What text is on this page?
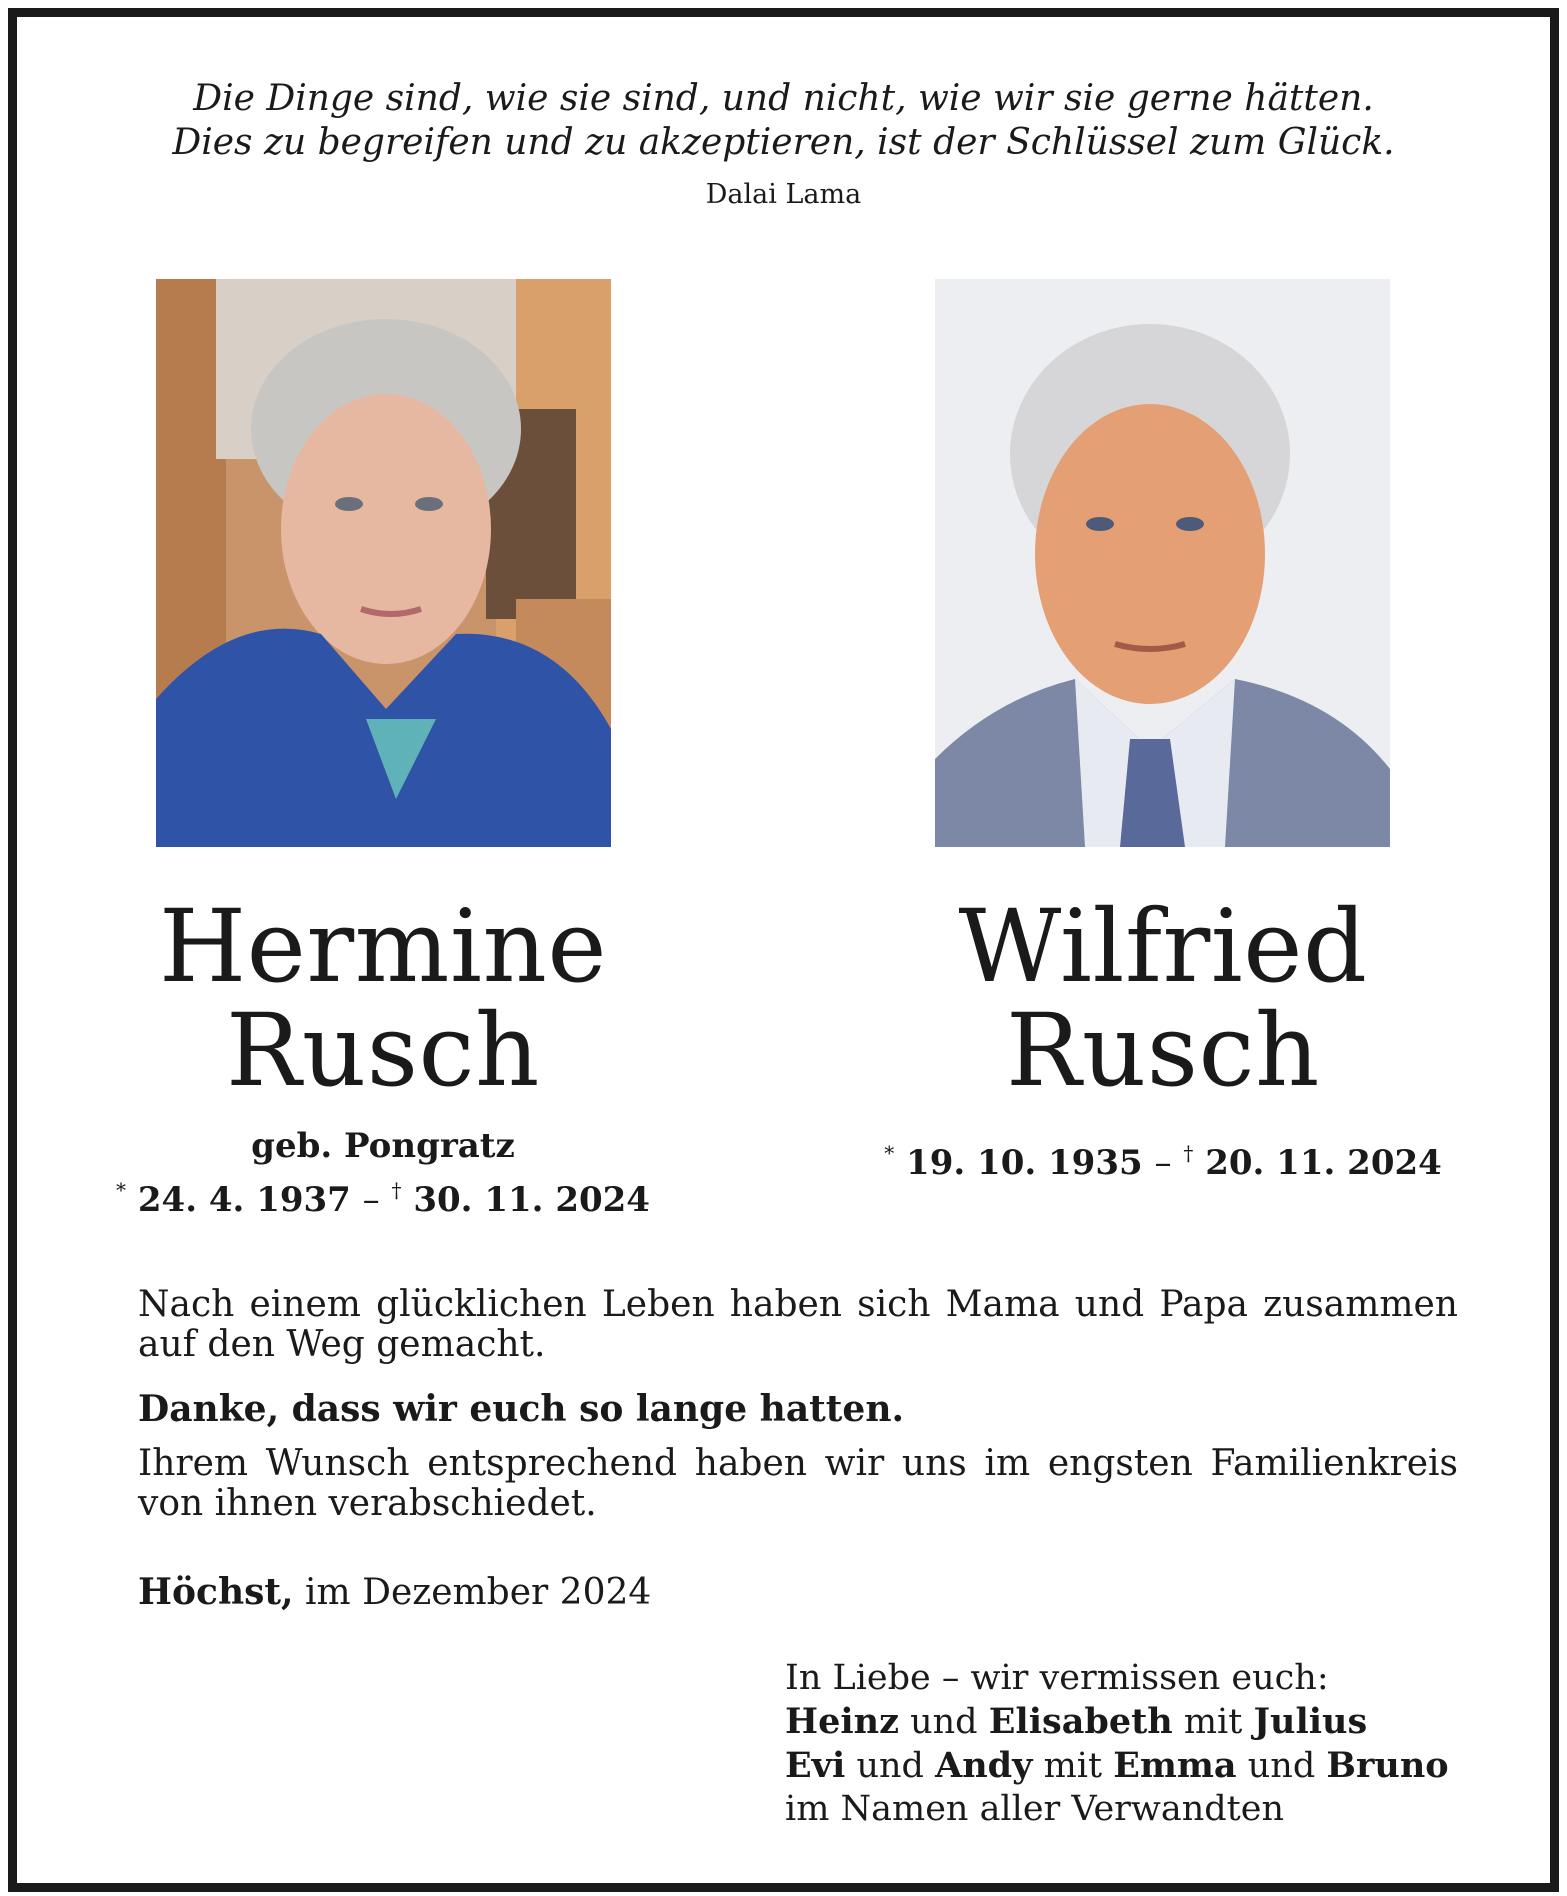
Die Dinge sind, wie sie sind, und nicht, wie wir sie gerne hätten.
Dies zu begreifen und zu akzeptieren, ist der Schlüssel zum Glück.
Dalai Lama
Hermine
Rusch
Wilfried
Rusch
geb. Pongratz
* 24. 4. 1937 – † 30. 11. 2024
* 19. 10. 1935 – † 20. 11. 2024
Nach einem glücklichen Leben haben sich Mama und Papa zusammen auf den Weg gemacht.
Danke, dass wir euch so lange hatten.
Ihrem Wunsch entsprechend haben wir uns im engsten Familienkreis von ihnen verabschiedet.
Höchst, im Dezember 2024
In Liebe – wir vermissen euch:
Heinz und Elisabeth mit Julius
Evi und Andy mit Emma und Bruno
im Namen aller Verwandten
